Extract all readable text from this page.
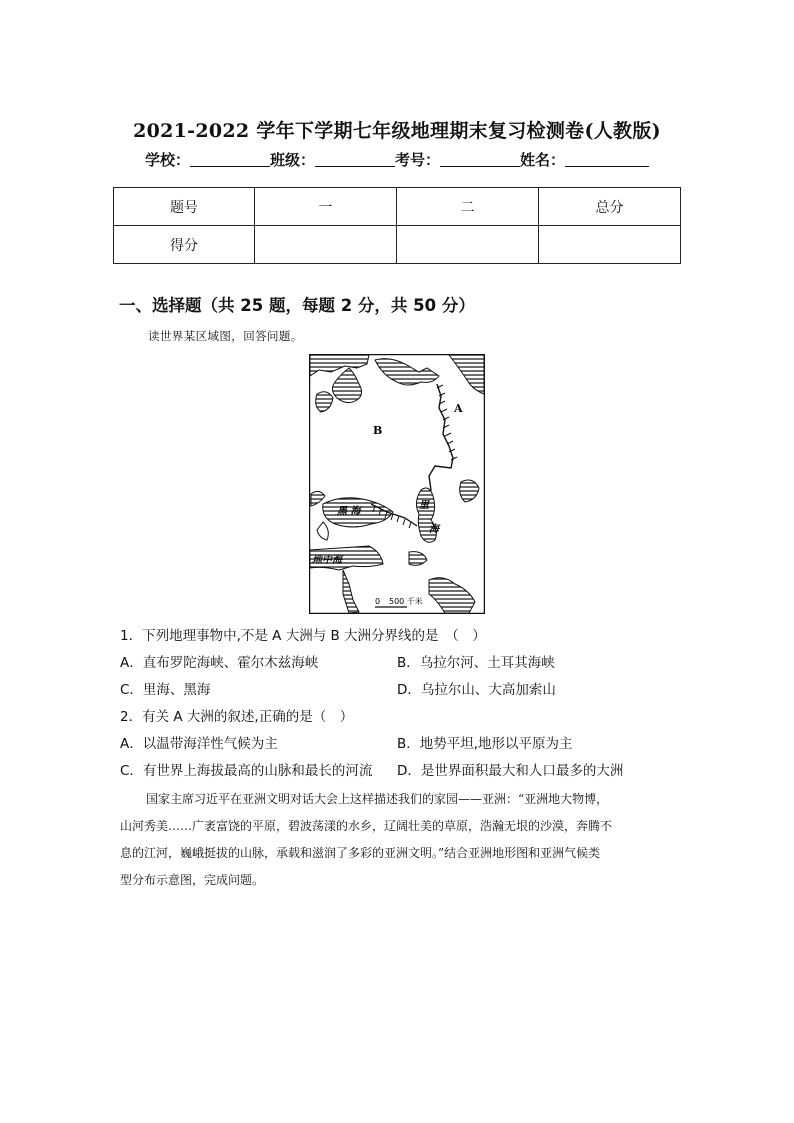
2021-2022 学年下学期七年级地理期末复习检测卷(人教版)
学校：	班级：	考号：	姓名：
题号	一	二	总分
得分			
一、选择题（共 25 题，每题 2 分，共 50 分）
读世界某区域图，回答问题。
A
B
黑 海
里
海
地中海
0 500 千米
1．下列地理事物中,不是 A 大洲与 B 大洲分界线的是　（　）
A．直布罗陀海峡、霍尔木兹海峡	B．乌拉尔河、土耳其海峡
C．里海、黑海	D．乌拉尔山、大高加索山
2．有关 A 大洲的叙述,正确的是（　）
A．以温带海洋性气候为主	B．地势平坦,地形以平原为主
C．有世界上海拔最高的山脉和最长的河流 D．是世界面积最大和人口最多的大洲
国家主席习近平在亚洲文明对话大会上这样描述我们的家园——亚洲：“亚洲地大物博，
山河秀美……广袤富饶的平原，碧波荡漾的水乡，辽阔壮美的草原，浩瀚无垠的沙漠，奔腾不
息的江河，巍峨挺拔的山脉，承载和滋润了多彩的亚洲文明。”结合亚洲地形图和亚洲气候类
型分布示意图，完成问题。
